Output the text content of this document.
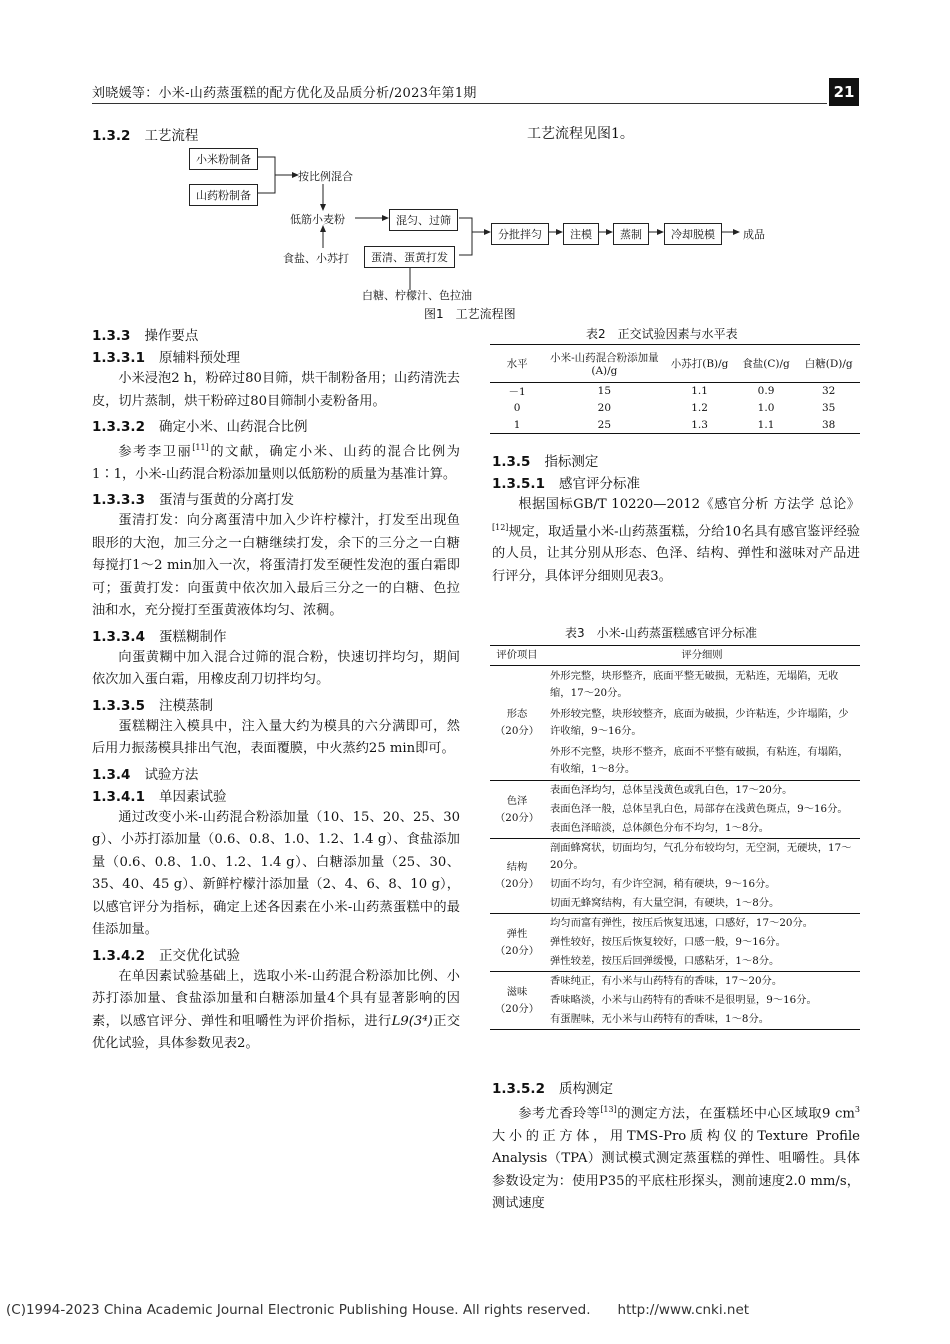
刘晓媛等：小米-山药蒸蛋糕的配方优化及品质分析/2023年第1期	21
1.3.2 工艺流程	工艺流程见图1。
小米粉制备
山药粉制备
按比例混合
低筋小麦粉	混匀、过筛
分批拌匀	注模	蒸制	冷却脱模	成品
食盐、小苏打	蛋清、蛋黄打发
白糖、柠檬汁、色拉油
图1　工艺流程图
1.3.3 操作要点
1.3.3.1 原辅料预处理
小米浸泡2 h，粉碎过80目筛，烘干制粉备用；山药清洗去皮，切片蒸制，烘干粉碎过80目筛制小麦粉备用。
1.3.3.2 确定小米、山药混合比例
参考李卫丽[11]的文献，确定小米、山药的混合比例为1∶1，小米-山药混合粉添加量则以低筋粉的质量为基准计算。
1.3.3.3 蛋清与蛋黄的分离打发
蛋清打发：向分离蛋清中加入少许柠檬汁，打发至出现鱼眼形的大泡，加三分之一白糖继续打发，余下的三分之一白糖每搅打1～2 min加入一次，将蛋清打发至硬性发泡的蛋白霜即可；蛋黄打发：向蛋黄中依次加入最后三分之一的白糖、色拉油和水，充分搅打至蛋黄液体均匀、浓稠。
1.3.3.4 蛋糕糊制作
向蛋黄糊中加入混合过筛的混合粉，快速切拌均匀，期间依次加入蛋白霜，用橡皮刮刀切拌均匀。
1.3.3.5 注模蒸制
蛋糕糊注入模具中，注入量大约为模具的六分满即可，然后用力振荡模具排出气泡，表面覆膜，中火蒸约25 min即可。
1.3.4 试验方法
1.3.4.1 单因素试验
通过改变小米-山药混合粉添加量（10、15、20、25、30 g）、小苏打添加量（0.6、0.8、1.0、1.2、1.4 g）、食盐添加量（0.6、0.8、1.0、1.2、1.4 g）、白糖添加量（25、30、35、40、45 g）、新鲜柠檬汁添加量（2、4、6、8、10 g），以感官评分为指标，确定上述各因素在小米-山药蒸蛋糕中的最佳添加量。
1.3.4.2 正交优化试验
在单因素试验基础上，选取小米-山药混合粉添加比例、小苏打添加量、食盐添加量和白糖添加量4个具有显著影响的因素，以感官评分、弹性和咀嚼性为评价指标，进行L9(3⁴)正交优化试验，具体参数见表2。
表2　正交试验因素与水平表
水平	小米-山药混合粉添加量(A)/g	小苏打(B)/g	食盐(C)/g	白糖(D)/g
－1	15	1.1	0.9	32
0	20	1.2	1.0	35
1	25	1.3	1.1	38
1.3.5 指标测定
1.3.5.1 感官评分标准
根据国标GB/T 10220—2012《感官分析 方法学 总论》[12]规定，取适量小米-山药蒸蛋糕，分给10名具有感官鉴评经验的人员，让其分别从形态、色泽、结构、弹性和滋味对产品进行评分，具体评分细则见表3。
表3　小米-山药蒸蛋糕感官评分标准
评价项目	评分细则

形态
（20分）	外形完整，块形整齐，底面平整无破损，无粘连，无塌陷，无收缩，17～20分。
	外形较完整，块形较整齐，底面为破损，少许粘连，少许塌陷，少许收缩，9～16分。
	外形不完整，块形不整齐，底面不平整有破损，有粘连，有塌陷，有收缩，1～8分。

色泽
（20分）	表面色泽均匀，总体呈浅黄色或乳白色，17～20分。
	表面色泽一般，总体呈乳白色，局部存在浅黄色斑点，9～16分。
	表面色泽暗淡，总体颜色分布不均匀，1～8分。

结构
（20分）	剖面蜂窝状，切面均匀，气孔分布较均匀，无空洞，无硬块，17～20分。
	切面不均匀，有少许空洞，稍有硬块，9～16分。
	切面无蜂窝结构，有大量空洞，有硬块，1～8分。

弹性
（20分）	均匀而富有弹性，按压后恢复迅速，口感好，17～20分。
	弹性较好，按压后恢复较好，口感一般，9～16分。
	弹性较差，按压后回弹缓慢，口感粘牙，1～8分。

滋味
（20分）	香味纯正，有小米与山药特有的香味，17～20分。
	香味略淡，小米与山药特有的香味不是很明显，9～16分。
	有蛋腥味，无小米与山药特有的香味，1～8分。
1.3.5.2 质构测定
参考尤香玲等[13]的测定方法，在蛋糕坯中心区域取9 $cm^3$大小的正方体，用TMS-Pro质构仪的Texture Profile Analysis（TPA）测试模式测定蒸蛋糕的弹性、咀嚼性。具体参数设定为：使用P35的平底柱形探头，测前速度2.0 mm/s，测试速度
(C)1994-2023 China Academic Journal Electronic Publishing House. All rights reserved.　　http://www.cnki.net
